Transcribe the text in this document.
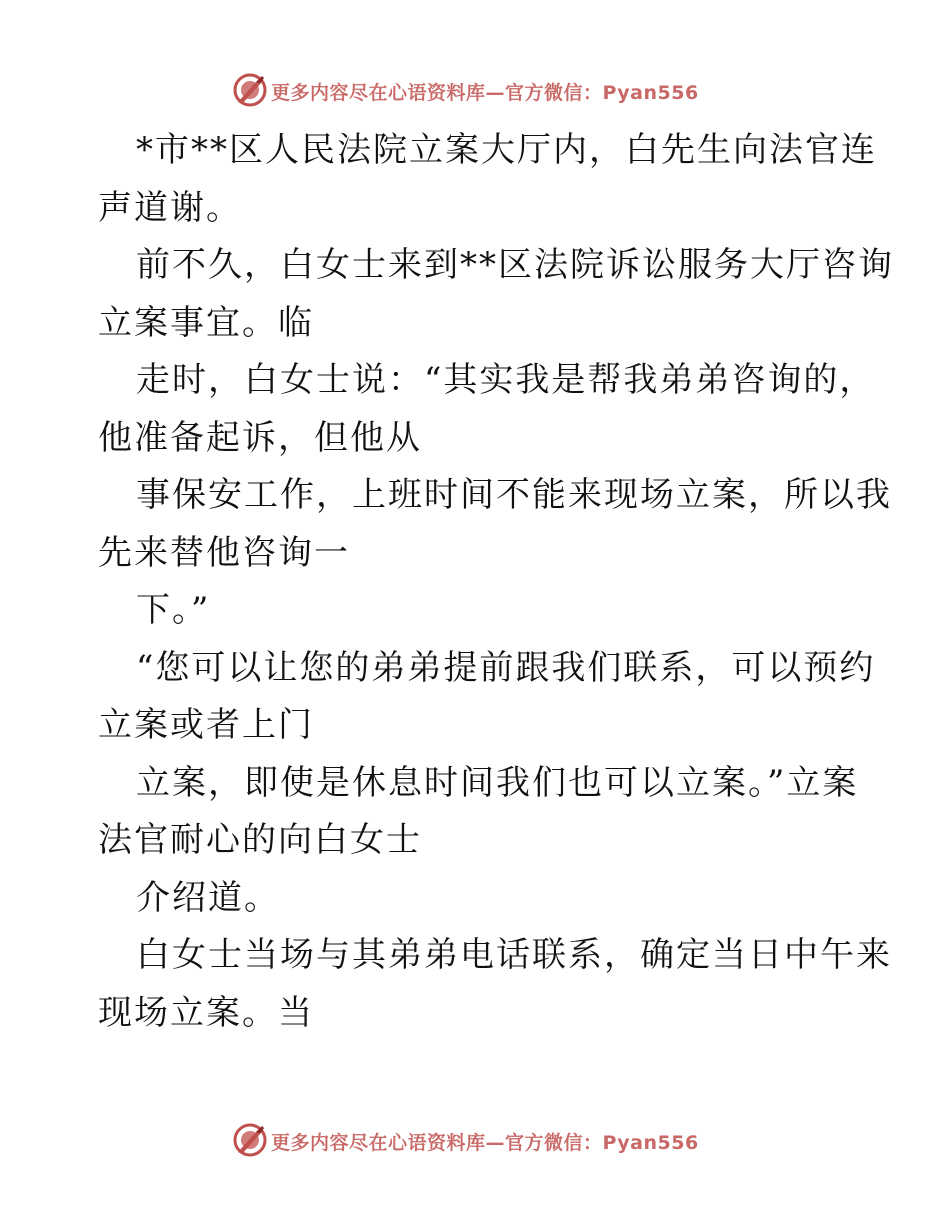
更多内容尽在心语资料库—官方微信：Pyan556
*市**区人民法院立案大厅内，白先生向法官连
声道谢。
前不久，白女士来到**区法院诉讼服务大厅咨询
立案事宜。临
走时，白女士说：“其实我是帮我弟弟咨询的，
他准备起诉，但他从
事保安工作，上班时间不能来现场立案，所以我
先来替他咨询一
下。”
“您可以让您的弟弟提前跟我们联系，可以预约
立案或者上门
立案，即使是休息时间我们也可以立案。”立案
法官耐心的向白女士
介绍道。
白女士当场与其弟弟电话联系，确定当日中午来
现场立案。当
更多内容尽在心语资料库—官方微信：Pyan556
